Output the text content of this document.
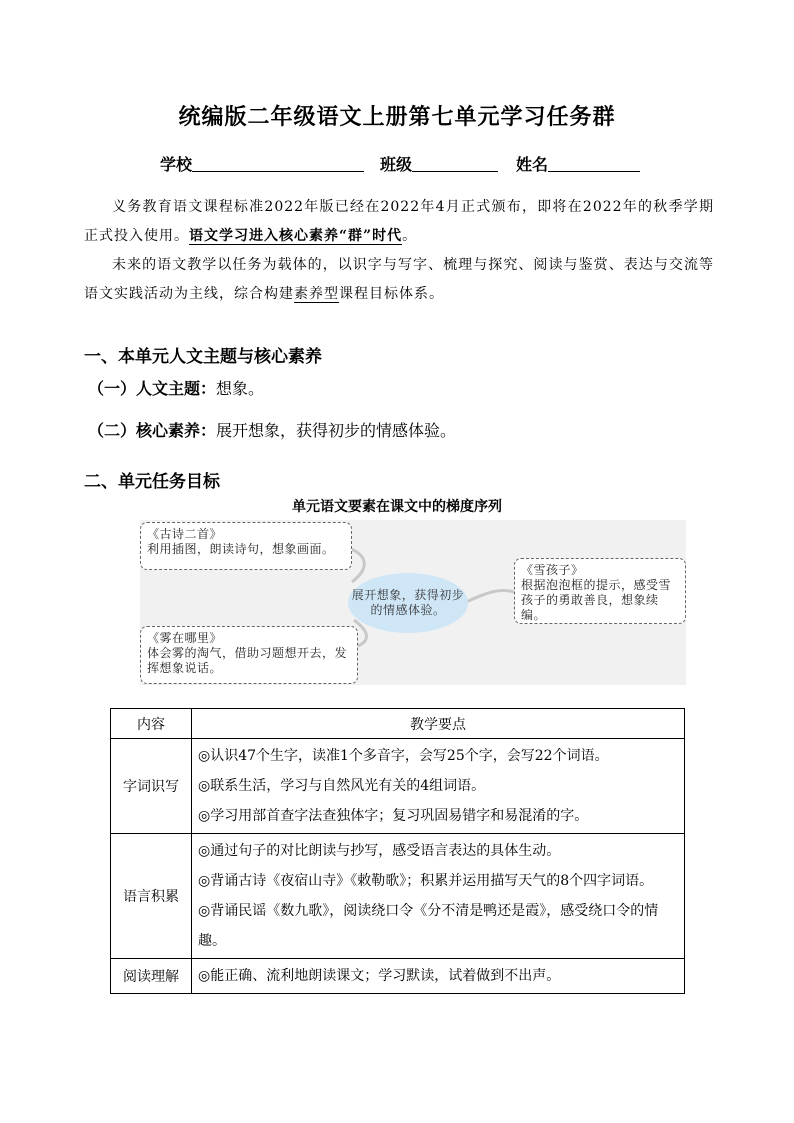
统编版二年级语文上册第七单元学习任务群
学校	班级	姓名

义务教育语文课程标准2022年版已经在2022年4月正式颁布，即将在2022年的秋季学期正式投入使用。语文学习进入核心素养“群”时代。

未来的语文教学以任务为载体的，以识字与写字、梳理与探究、阅读与鉴赏、表达与交流等语文实践活动为主线，综合构建素养型课程目标体系。

一、本单元人文主题与核心素养
（一）人文主题：想象。
（二）核心素养：展开想象，获得初步的情感体验。
二、单元任务目标
单元语文要素在课文中的梯度序列
展开想象，获得初步的情感体验。
《古诗二首》
利用插图，朗读诗句，想象画面。
《雾在哪里》
体会雾的淘气，借助习题想开去，发挥想象说话。
《雪孩子》
根据泡泡框的提示，感受雪孩子的勇敢善良，想象续编。
内容	教学要点
字词识写	◎认识47个生字，读准1个多音字，会写25个字，会写22个词语。
◎联系生活，学习与自然风光有关的4组词语。
◎学习用部首查字法查独体字；复习巩固易错字和易混淆的字。

语言积累	◎通过句子的对比朗读与抄写，感受语言表达的具体生动。
◎背诵古诗《夜宿山寺》《敕勒歌》；积累并运用描写天气的8个四字词语。
◎背诵民谣《数九歌》，阅读绕口令《分不清是鸭还是霞》，感受绕口令的情趣。

阅读理解	◎能正确、流利地朗读课文；学习默读，试着做到不出声。
